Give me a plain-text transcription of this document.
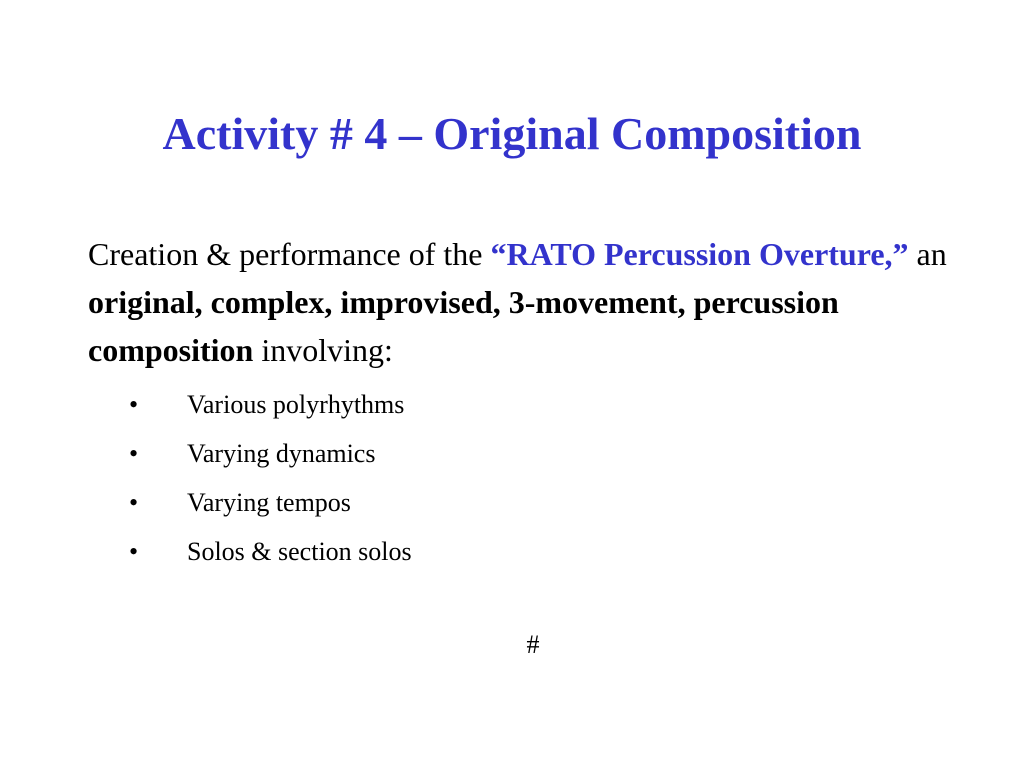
Activity # 4 – Original Composition

Creation & performance of the “RATO Percussion Overture,” an original, complex, improvised, 3-movement, percussion composition involving:

•	Various polyrhythms
•	Varying dynamics
•	Varying tempos
•	Solos & section solos
#
